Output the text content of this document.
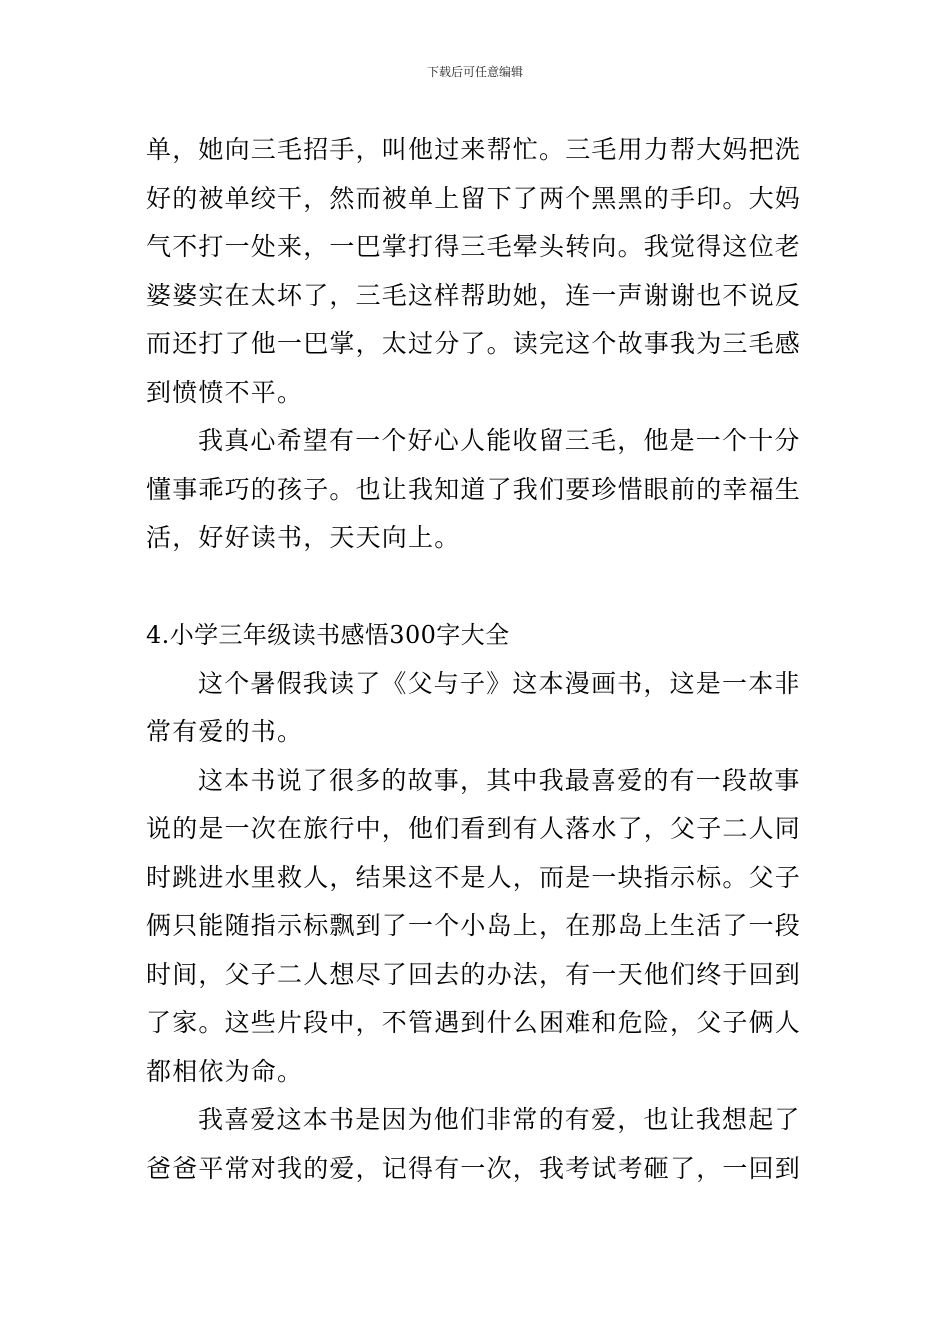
下载后可任意编辑

单，她向三毛招手，叫他过来帮忙。三毛用力帮大妈把洗好的被单绞干，然而被单上留下了两个黑黑的手印。大妈气不打一处来，一巴掌打得三毛晕头转向。我觉得这位老婆婆实在太坏了，三毛这样帮助她，连一声谢谢也不说反而还打了他一巴掌，太过分了。读完这个故事我为三毛感到愤愤不平。

我真心希望有一个好心人能收留三毛，他是一个十分懂事乖巧的孩子。也让我知道了我们要珍惜眼前的幸福生活，好好读书，天天向上。

4.小学三年级读书感悟300字大全

这个暑假我读了《父与子》这本漫画书，这是一本非常有爱的书。

这本书说了很多的故事，其中我最喜爱的有一段故事说的是一次在旅行中，他们看到有人落水了，父子二人同时跳进水里救人，结果这不是人，而是一块指示标。父子俩只能随指示标飘到了一个小岛上，在那岛上生活了一段时间，父子二人想尽了回去的办法，有一天他们终于回到了家。这些片段中，不管遇到什么困难和危险，父子俩人都相依为命。

我喜爱这本书是因为他们非常的有爱，也让我想起了爸爸平常对我的爱，记得有一次，我考试考砸了，一回到
